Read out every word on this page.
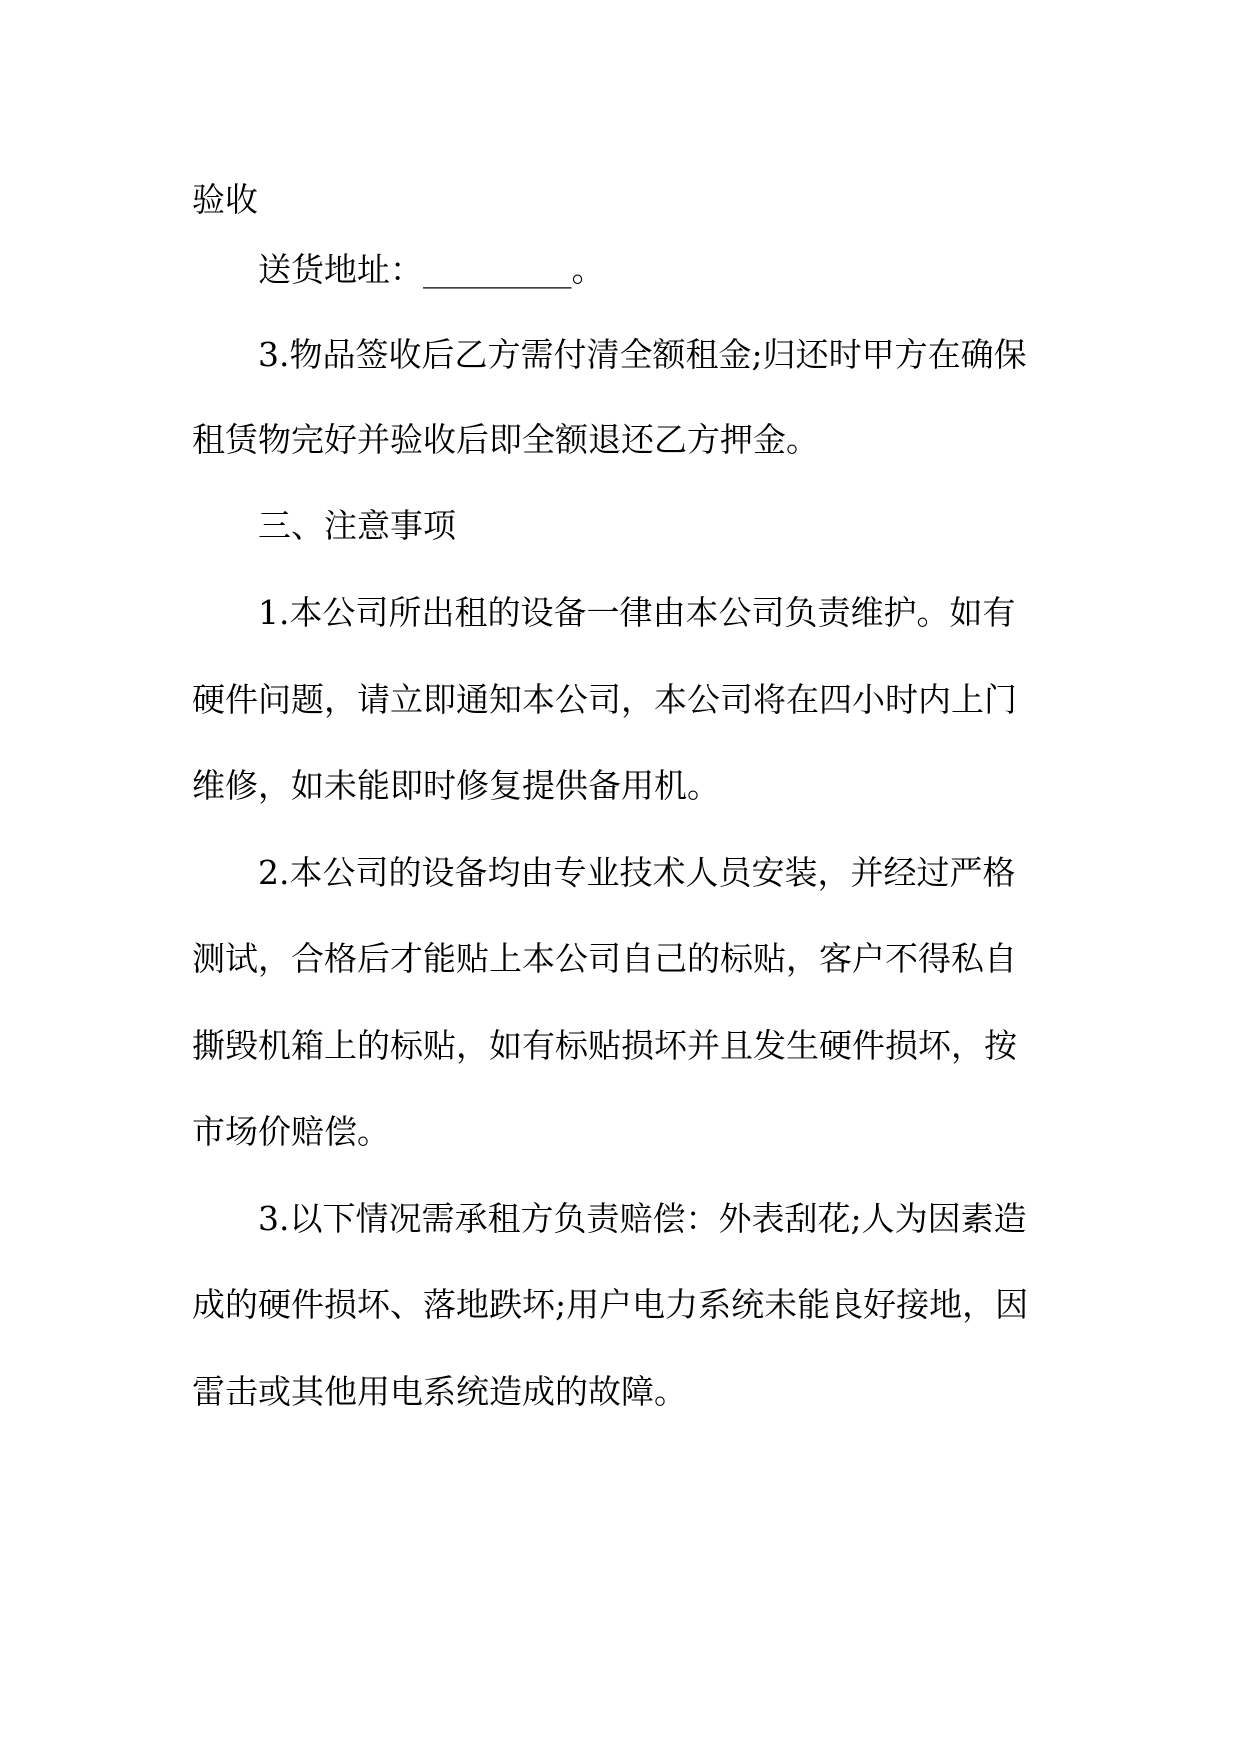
验收
送货地址：_________。
3.物品签收后乙方需付清全额租金;归还时甲方在确保
租赁物完好并验收后即全额退还乙方押金。
三、注意事项
1.本公司所出租的设备一律由本公司负责维护。如有
硬件问题，请立即通知本公司，本公司将在四小时内上门
维修，如未能即时修复提供备用机。
2.本公司的设备均由专业技术人员安装，并经过严格
测试，合格后才能贴上本公司自己的标贴，客户不得私自
撕毁机箱上的标贴，如有标贴损坏并且发生硬件损坏，按
市场价赔偿。
3.以下情况需承租方负责赔偿：外表刮花;人为因素造
成的硬件损坏、落地跌坏;用户电力系统未能良好接地，因
雷击或其他用电系统造成的故障。
